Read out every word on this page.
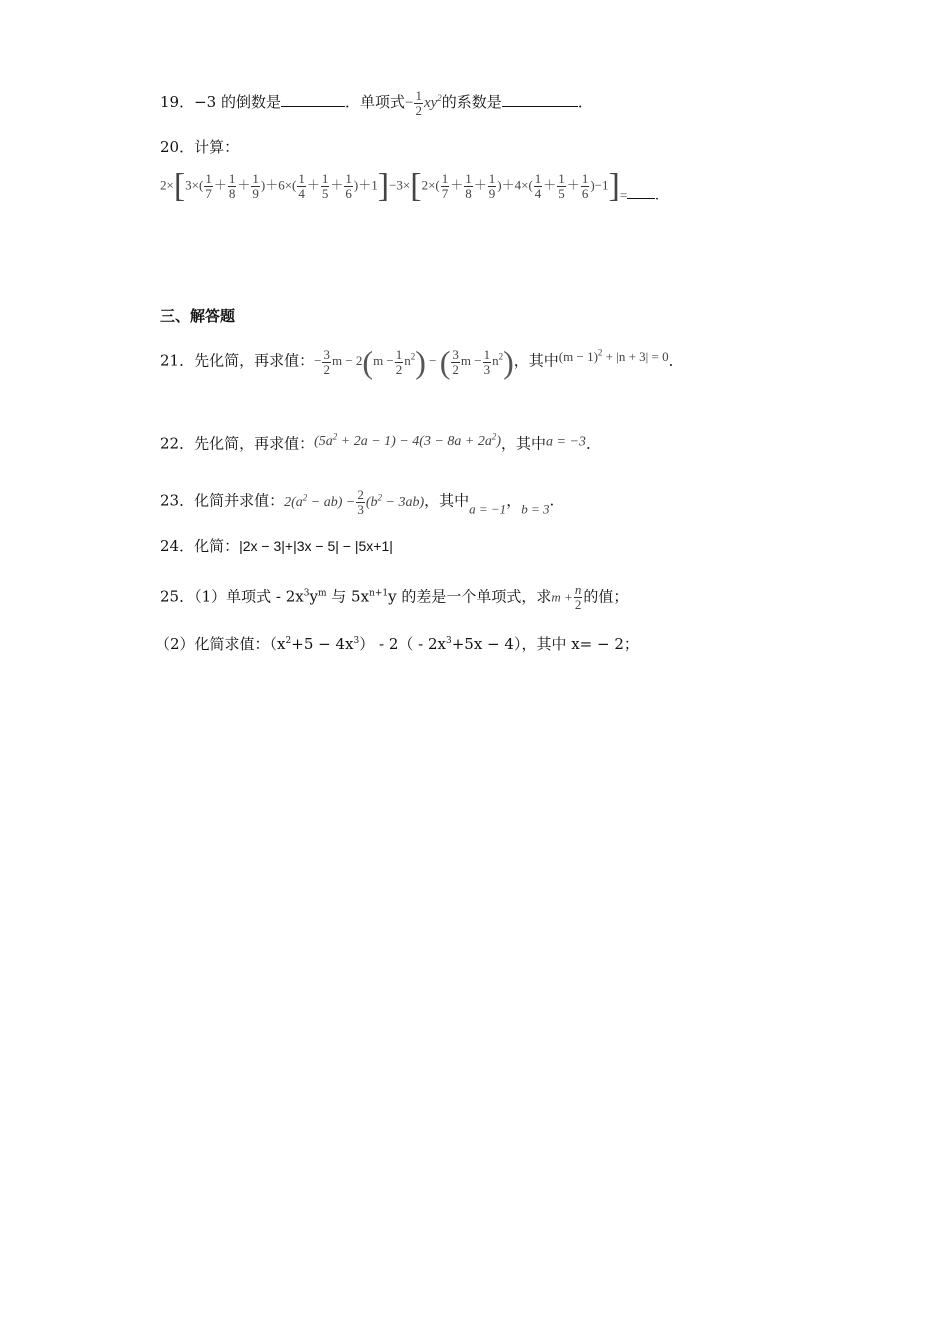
19．−3 的倒数是	．单项式− $\frac{1}{2} xy^2$的系数是	．
20．计算：
$2\times[3\times( \frac{1}{7} + \frac{1}{8} + \frac{1}{9} )+6\times( \frac{1}{4} + \frac{1}{5} + \frac{1}{6} )+1]-3\times[2\times( \frac{1}{7} + \frac{1}{8} + \frac{1}{9} )+4\times( \frac{1}{4} + \frac{1}{5} + \frac{1}{6} )-1]=$ .
三、解答题
21．先化简，再求值：− $\frac{3}{2}$ $m - 2(m - \frac{1}{2} n^2)$ − ( $\frac{3}{2}$ $m - \frac{1}{3} n^2$)，其中$(m - 1)^2 + |n + 3| = 0$．
22．先化简，再求值：$(5a^2 + 2a - 1) - 4(3 - 8a + 2a^2)$，其中a = −3．
23．化简并求值：$2(a^2 - ab) - \frac{2}{3} (b^2 - 3ab)$，其中a = −1，b = 3.
24．化简：|2x − 3|+|3x − 5| − |5x+1|
25．（1）单项式 - $2x^3y^m$ 与 $5x^{n+1}y$ 的差是一个单项式，求$m + \frac{n}{2}$ 的值；
（2）化简求值：$(x^2+5 - 4x^3) - 2( - 2x^3+5x - 4)$，其中 x= − 2；
